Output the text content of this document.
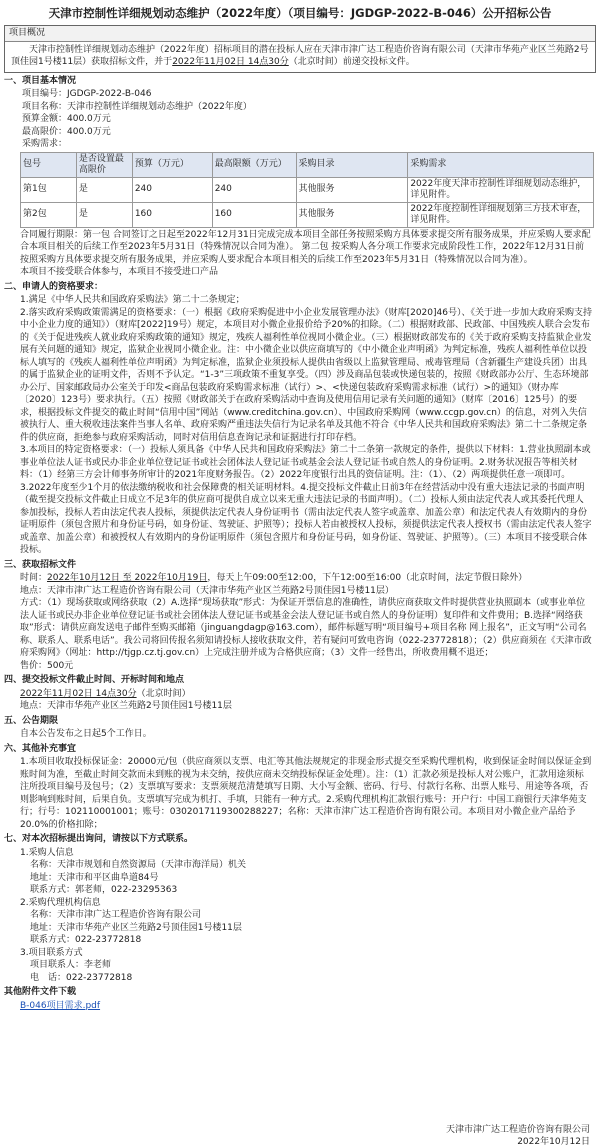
天津市控制性详细规划动态维护（2022年度）（项目编号：JGDGP-2022-B-046）公开招标公告
项目概况
天津市控制性详细规划动态维护（2022年度）招标项目的潜在投标人应在天津市津广达工程造价咨询有限公司（天津市华苑产业区兰苑路2号顶佳园1号楼11层）获取招标文件，并于2022年11月02日 14点30分（北京时间）前递交投标文件。
一、项目基本情况
项目编号：JGDGP-2022-B-046
项目名称：天津市控制性详细规划动态维护（2022年度）
预算金额：400.0万元
最高限价：400.0万元
采购需求：
包号	是否设置最高限价	预算（万元）	最高限额（万元）	采购目录	采购需求
第1包	是	240	240	其他服务	2022年度天津市控制性详细规划动态维护，详见附件。
第2包	是	160	160	其他服务	2022年度控制性详细规划第三方技术审查，详见附件。
合同履行期限：第一包 合同签订之日起至2022年12月31日完成完成本项目全部任务按照采购方具体要求提交所有服务成果，并应采购人要求配合本项目相关的后续工作至2023年5月31日（特殊情况以合同为准）。 第二包 按采购人各分项工作要求完成阶段性工作，2022年12月31日前按照采购方具体要求提交所有服务成果，并应采购人要求配合本项目相关的后续工作至2023年5月31日（特殊情况以合同为准）。
本项目不接受联合体参与，本项目不接受进口产品
二、申请人的资格要求：
1.满足《中华人民共和国政府采购法》第二十二条规定；
2.落实政府采购政策需满足的资格要求：（一）根据《政府采购促进中小企业发展管理办法》（财库[2020]46号）、《关于进一步加大政府采购支持中小企业力度的通知》）（财库[2022]19号）规定，本项目对小微企业报价给予20%的扣除。（二）根据财政部、民政部、中国残疾人联合会发布的《关于促进残疾人就业政府采购政策的通知》规定，残疾人福利性单位视同小微企业。（三）根据财政部发布的《关于政府采购支持监狱企业发展有关问题的通知》规定，监狱企业视同小微企业。注：中小微企业以供应商填写的《中小微企业声明函》为判定标准，残疾人福利性单位以投标人填写的《残疾人福利性单位声明函》为判定标准，监狱企业须投标人提供由省级以上监狱管理局、戒毒管理局（含新疆生产建设兵团）出具的属于监狱企业的证明文件，否则不予认定。“1-3”三项政策不重复享受。（四）涉及商品包装或快递包装的，按照《财政部办公厅、生态环境部办公厅、国家邮政局办公室关于印发<商品包装政府采购需求标准（试行）>、<快递包装政府采购需求标准（试行）>的通知》（财办库〔2020〕123号）要求执行。（五）按照《财政部关于在政府采购活动中查询及使用信用记录有关问题的通知》（财库〔2016〕125号）的要求，根据投标文件提交的截止时间“信用中国”网站（www.creditchina.gov.cn）、中国政府采购网（www.ccgp.gov.cn）的信息，对列入失信被执行人、重大税收违法案件当事人名单、政府采购严重违法失信行为记录名单及其他不符合《中华人民共和国政府采购法》第二十二条规定条件的供应商，拒绝参与政府采购活动，同时对信用信息查询记录和证据进行打印存档。
3.本项目的特定资格要求：（一）投标人须具备《中华人民共和国政府采购法》第二十二条第一款规定的条件，提供以下材料：1.营业执照副本或事业单位法人证书或民办非企业单位登记证书或社会团体法人登记证书或基金会法人登记证书或自然人的身份证明。2.财务状况报告等相关材料：（1）经第三方会计师事务所审计的2021年度财务报告。（2）2022年度银行出具的资信证明。注：（1）、（2）两项提供任意一项即可。3.2022年度至少1个月的依法缴纳税收和社会保障费的相关证明材料。4.提交投标文件截止日前3年在经营活动中没有重大违法记录的书面声明（截至提交投标文件截止日成立不足3年的供应商可提供自成立以来无重大违法记录的书面声明）。（二）投标人须由法定代表人或其委托代理人参加投标，投标人若由法定代表人投标，须提供法定代表人身份证明书（需由法定代表人签字或盖章、加盖公章）和法定代表人有效期内的身份证明原件（须包含照片和身份证号码，如身份证、驾驶证、护照等）；投标人若由被授权人投标，须提供法定代表人授权书（需由法定代表人签字或盖章、加盖公章）和被授权人有效期内的身份证明原件（须包含照片和身份证号码，如身份证、驾驶证、护照等）。（三）本项目不接受联合体投标。
三、获取招标文件
时间：2022年10月12日 至 2022年10月19日，每天上午09:00至12:00，下午12:00至16:00（北京时间，法定节假日除外）
地点：天津市津广达工程造价咨询有限公司（天津市华苑产业区兰苑路2号顶佳园1号楼11层）
方式：（1）现场获取或网络获取（2）A.选择“现场获取”形式：为保证开票信息的准确性，请供应商获取文件时提供营业执照副本（或事业单位法人证书或民办非企业单位登记证书或社会团体法人登记证书或基金会法人登记证书或自然人的身份证明）复印件和文件费用；B.选择“网络获取”形式：请供应商发送电子邮件至购买邮箱（jinguangdagp@163.com），邮件标题写明“项目编号+项目名称 网上报名”，正文写明“公司名称、联系人、联系电话”。我公司将回传报名须知请投标人接收获取文件，若有疑问可致电咨询（022-23772818）；（2）供应商须在《天津市政府采购网》（网址：http://tjgp.cz.tj.gov.cn）上完成注册并成为合格供应商；（3）文件一经售出，所收费用概不退还；
售价：500元
四、提交投标文件截止时间、开标时间和地点
2022年11月02日 14点30分（北京时间）
地点：天津市华苑产业区兰苑路2号顶佳园1号楼11层
五、公告期限
自本公告发布之日起5个工作日。
六、其他补充事宜
1.本项目收取投标保证金：20000元/包（供应商须以支票、电汇等其他法规规定的非现金形式提交至采购代理机构，收到保证金时间以保证金到账时间为准，至截止时间交款而未到账的视为未交纳，按供应商未交纳投标保证金处理）。注：（1）汇款必须是投标人对公账户，汇款用途须标注所投项目编号及包号；（2）支票填写要求：支票须规范清楚填写日期、大小写金额、密码、行号、付款行名称、出票人账号、用途等各项，否则影响到账时间，后果自负。支票填写完成为机打、手填，只能有一种方式。2.采购代理机构汇款银行账号：开户行：中国工商银行天津华苑支行；行号：102110001001；账号：0302017119300288227；名称：天津市津广达工程造价咨询有限公司。本项目对小微企业产品给予20.0%的价格扣除；
七、对本次招标提出询问，请按以下方式联系。
1.采购人信息
名称：天津市规划和自然资源局（天津市海洋局）机关
地址：天津市和平区曲阜道84号
联系方式：郭老师，022-23295363
2.采购代理机构信息
名称：天津市津广达工程造价咨询有限公司
地址：天津市华苑产业区兰苑路2号顶佳园1号楼11层
联系方式：022-23772818
3.项目联系方式
项目联系人：李老师
电　话：022-23772818
其他附件文件下载
B-046项目需求.pdf
天津市津广达工程造价咨询有限公司
2022年10月12日
